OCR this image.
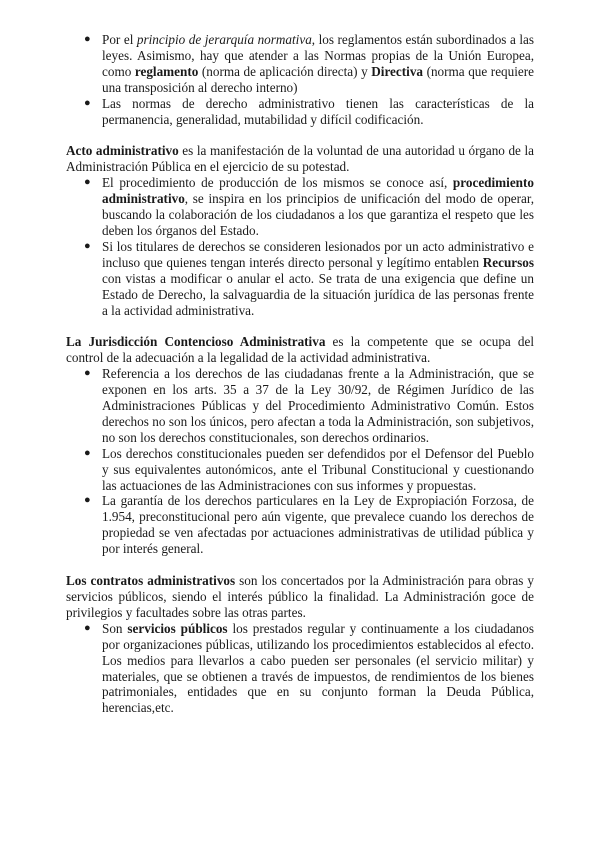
● Por el principio de jerarquía normativa, los reglamentos están subordinados a las leyes. Asimismo, hay que atender a las Normas propias de la Unión Europea, como reglamento (norma de aplicación directa) y Directiva (norma que requiere una transposición al derecho interno)
● Las normas de derecho administrativo tienen las características de la permanencia, generalidad, mutabilidad y difícil codificación.

Acto administrativo es la manifestación de la voluntad de una autoridad u órgano de la Administración Pública en el ejercicio de su potestad.

● El procedimiento de producción de los mismos se conoce así, procedimiento administrativo, se inspira en los principios de unificación del modo de operar, buscando la colaboración de los ciudadanos a los que garantiza el respeto que les deben los órganos del Estado.
● Si los titulares de derechos se consideren lesionados por un acto administrativo e incluso que quienes tengan interés directo personal y legítimo entablen Recursos con vistas a modificar o anular el acto. Se trata de una exigencia que define un Estado de Derecho, la salvaguardia de la situación jurídica de las personas frente a la actividad administrativa.

La Jurisdicción Contencioso Administrativa es la competente que se ocupa del control de la adecuación a la legalidad de la actividad administrativa.

● Referencia a los derechos de las ciudadanas frente a la Administración, que se exponen en los arts. 35 a 37 de la Ley 30/92, de Régimen Jurídico de las Administraciones Públicas y del Procedimiento Administrativo Común. Estos derechos no son los únicos, pero afectan a toda la Administración, son subjetivos, no son los derechos constitucionales, son derechos ordinarios.
● Los derechos constitucionales pueden ser defendidos por el Defensor del Pueblo y sus equivalentes autonómicos, ante el Tribunal Constitucional y cuestionando las actuaciones de las Administraciones con sus informes y propuestas.
● La garantía de los derechos particulares en la Ley de Expropiación Forzosa, de 1.954, preconstitucional pero aún vigente, que prevalece cuando los derechos de propiedad se ven afectadas por actuaciones administrativas de utilidad pública y por interés general.

Los contratos administrativos son los concertados por la Administración para obras y servicios públicos, siendo el interés público la finalidad. La Administración goce de privilegios y facultades sobre las otras partes.

● Son servicios públicos los prestados regular y continuamente a los ciudadanos por organizaciones públicas, utilizando los procedimientos establecidos al efecto. Los medios para llevarlos a cabo pueden ser personales (el servicio militar) y materiales, que se obtienen a través de impuestos, de rendimientos de los bienes patrimoniales, entidades que en su conjunto forman la Deuda Pública, herencias,etc.
